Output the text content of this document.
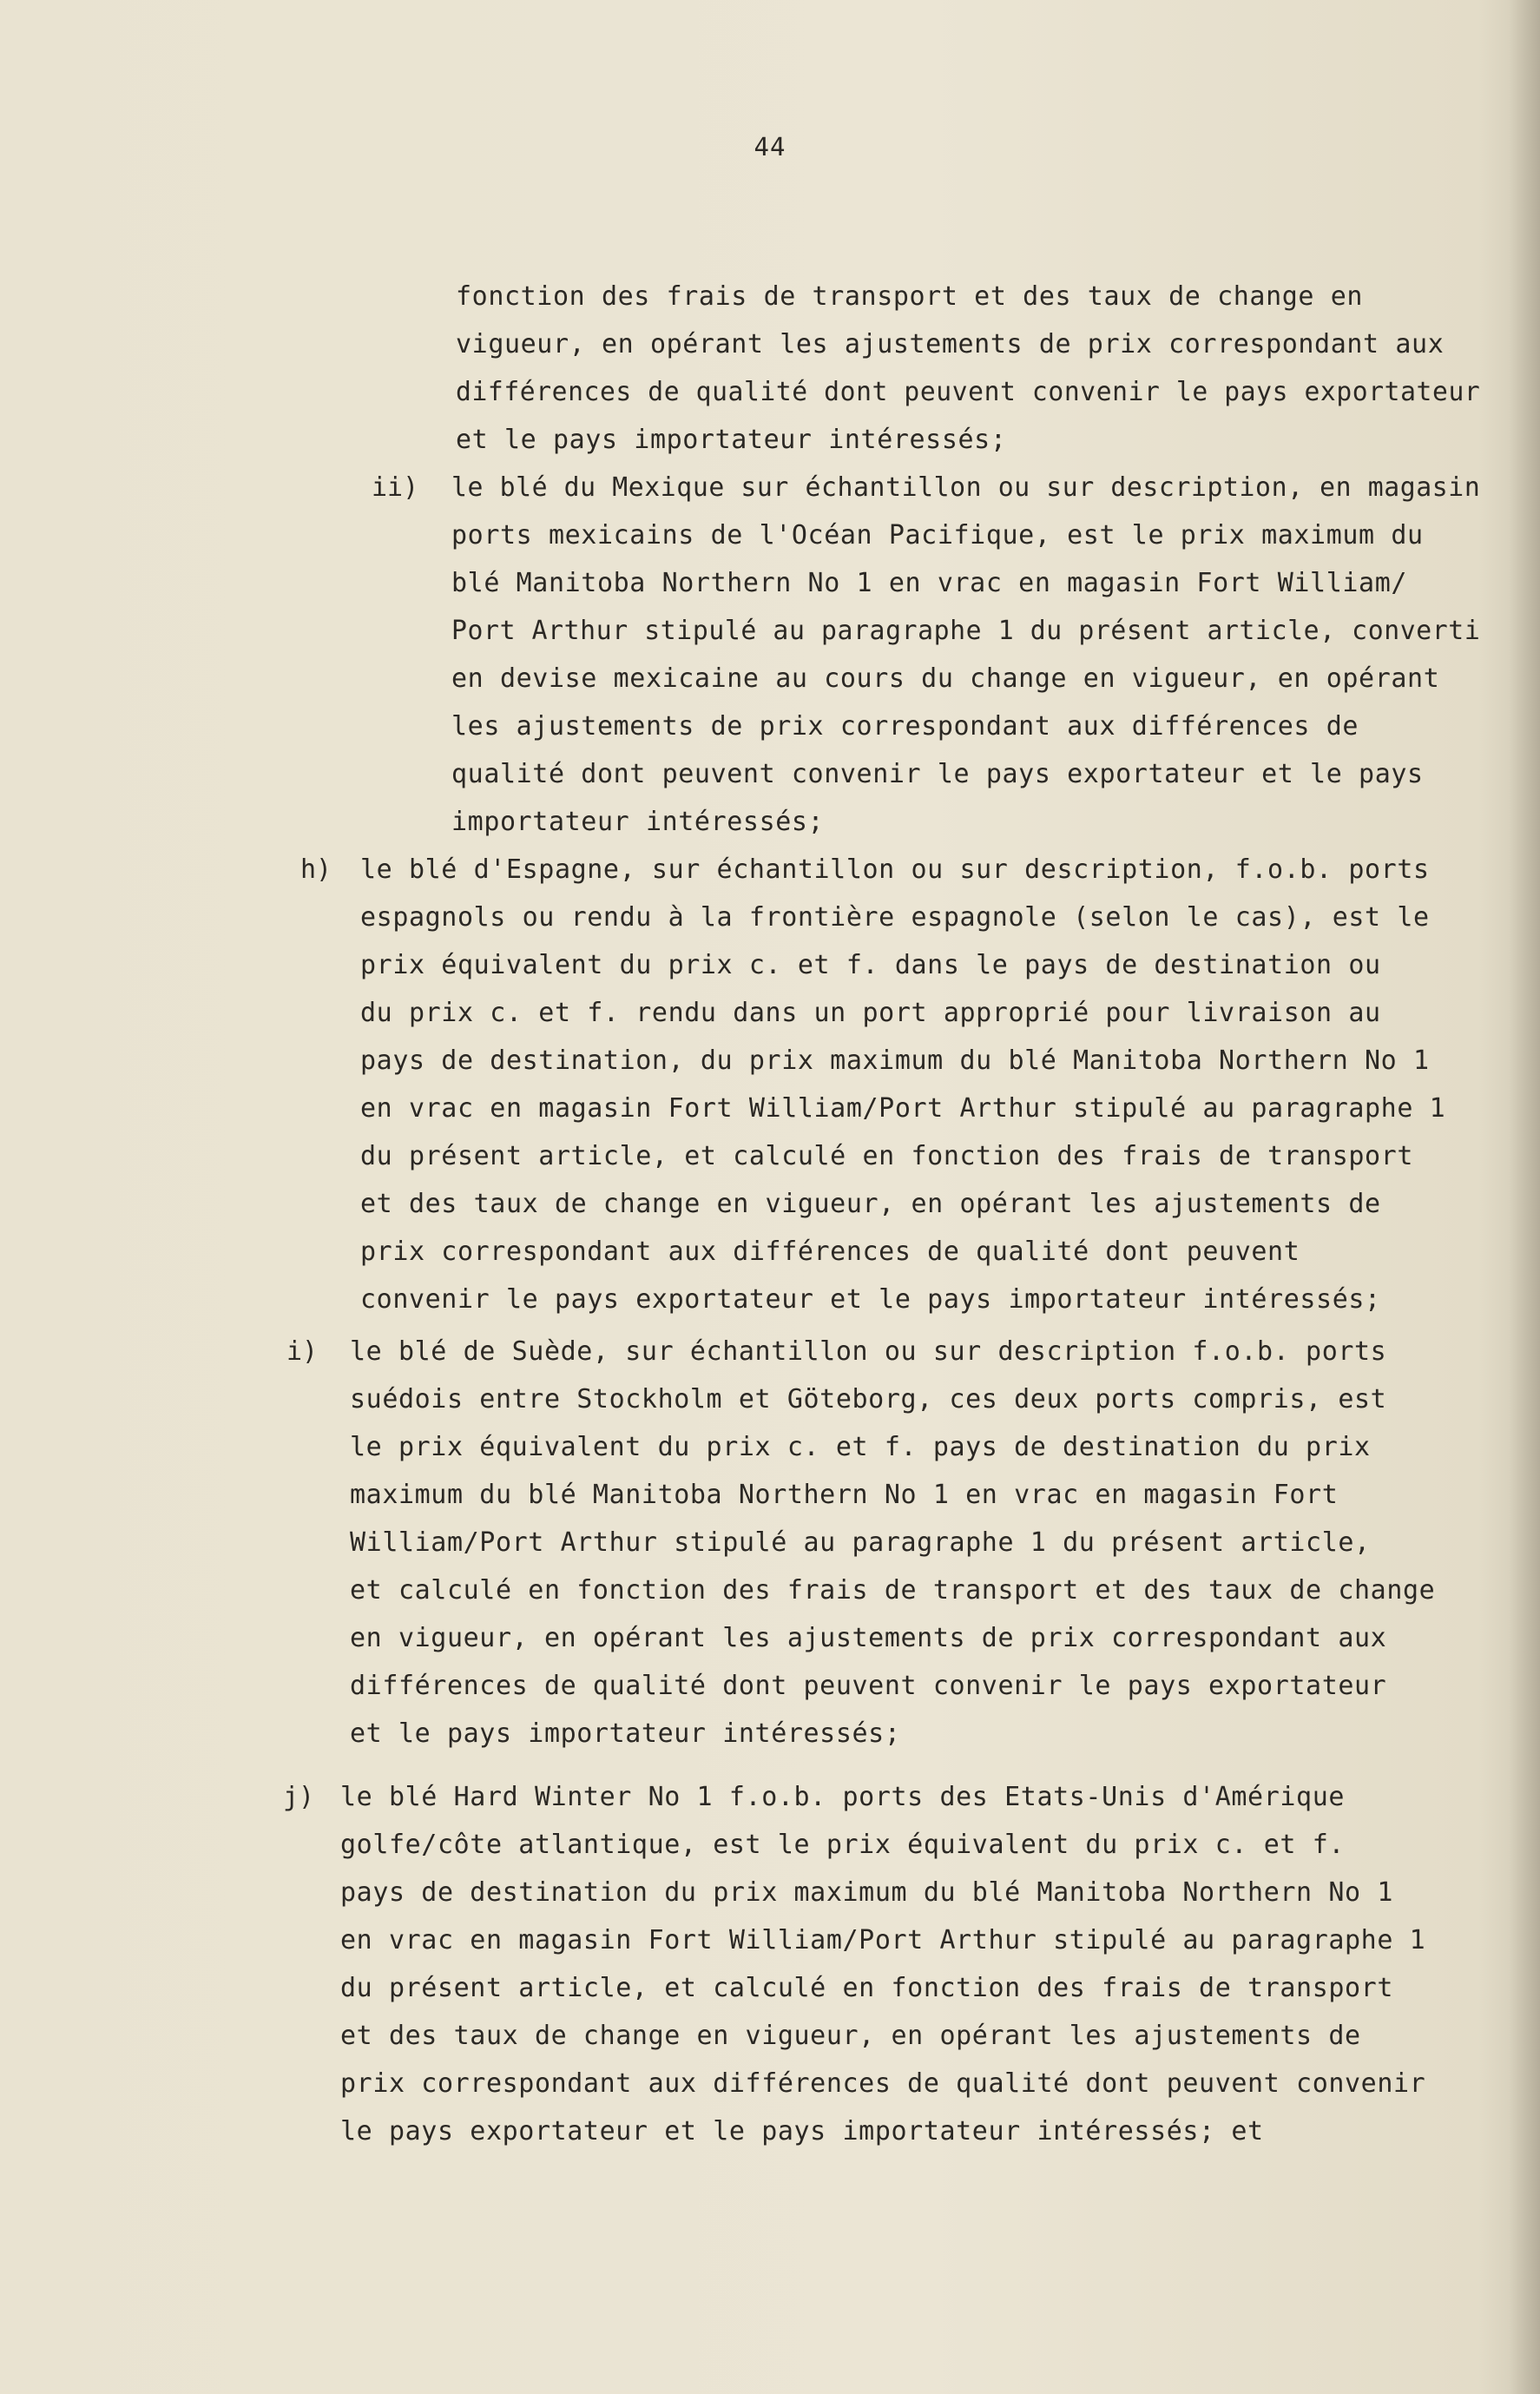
44
fonction des frais de transport et des taux de change en
vigueur, en opérant les ajustements de prix correspondant aux
différences de qualité dont peuvent convenir le pays exportateur
et le pays importateur intéressés;
ii) le blé du Mexique sur échantillon ou sur description, en magasin
ports mexicains de l'Océan Pacifique, est le prix maximum du
blé Manitoba Northern No 1 en vrac en magasin Fort William/
Port Arthur stipulé au paragraphe 1 du présent article, converti
en devise mexicaine au cours du change en vigueur, en opérant
les ajustements de prix correspondant aux différences de
qualité dont peuvent convenir le pays exportateur et le pays
importateur intéressés;
h) le blé d'Espagne, sur échantillon ou sur description, f.o.b. ports
espagnols ou rendu à la frontière espagnole (selon le cas), est le
prix équivalent du prix c. et f. dans le pays de destination ou
du prix c. et f. rendu dans un port approprié pour livraison au
pays de destination, du prix maximum du blé Manitoba Northern No 1
en vrac en magasin Fort William/Port Arthur stipulé au paragraphe 1
du présent article, et calculé en fonction des frais de transport
et des taux de change en vigueur, en opérant les ajustements de
prix correspondant aux différences de qualité dont peuvent
convenir le pays exportateur et le pays importateur intéressés;
i) le blé de Suède, sur échantillon ou sur description f.o.b. ports
suédois entre Stockholm et Göteborg, ces deux ports compris, est
le prix équivalent du prix c. et f. pays de destination du prix
maximum du blé Manitoba Northern No 1 en vrac en magasin Fort
William/Port Arthur stipulé au paragraphe 1 du présent article,
et calculé en fonction des frais de transport et des taux de change
en vigueur, en opérant les ajustements de prix correspondant aux
différences de qualité dont peuvent convenir le pays exportateur
et le pays importateur intéressés;
j) le blé Hard Winter No 1 f.o.b. ports des Etats-Unis d'Amérique
golfe/côte atlantique, est le prix équivalent du prix c. et f.
pays de destination du prix maximum du blé Manitoba Northern No 1
en vrac en magasin Fort William/Port Arthur stipulé au paragraphe 1
du présent article, et calculé en fonction des frais de transport
et des taux de change en vigueur, en opérant les ajustements de
prix correspondant aux différences de qualité dont peuvent convenir
le pays exportateur et le pays importateur intéressés; et
